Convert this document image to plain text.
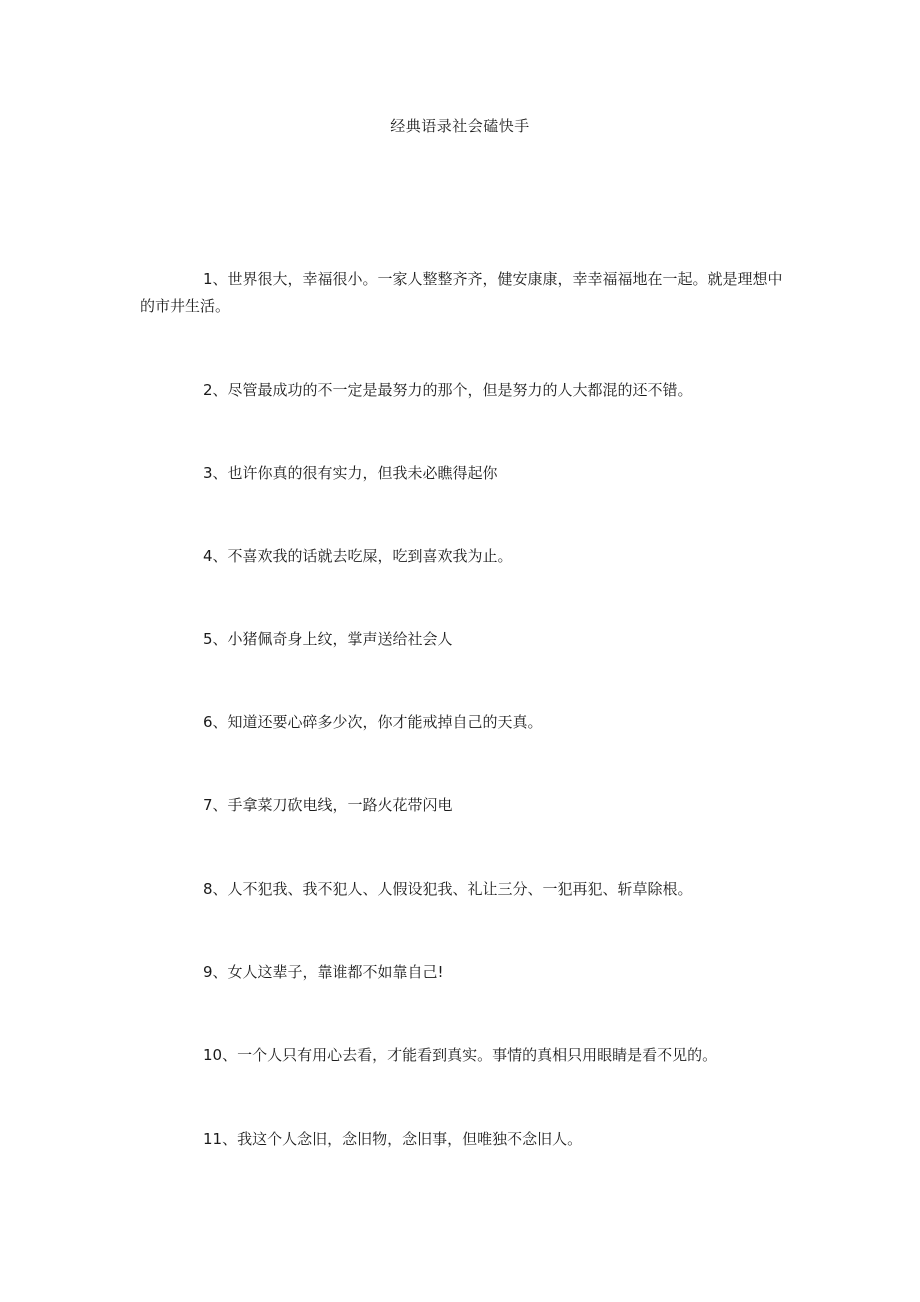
经典语录社会磕快手

1、世界很大，幸福很小。一家人整整齐齐，健安康康，幸幸福福地在一起。就是理想中的市井生活。

2、尽管最成功的不一定是最努力的那个，但是努力的人大都混的还不错。

3、也许你真的很有实力，但我未必瞧得起你

4、不喜欢我的话就去吃屎，吃到喜欢我为止。

5、小猪佩奇身上纹，掌声送给社会人

6、知道还要心碎多少次，你才能戒掉自己的天真。

7、手拿菜刀砍电线，一路火花带闪电

8、人不犯我、我不犯人、人假设犯我、礼让三分、一犯再犯、斩草除根。

9、女人这辈子，靠谁都不如靠自己!

10、一个人只有用心去看，才能看到真实。事情的真相只用眼睛是看不见的。

11、我这个人念旧，念旧物，念旧事，但唯独不念旧人。
